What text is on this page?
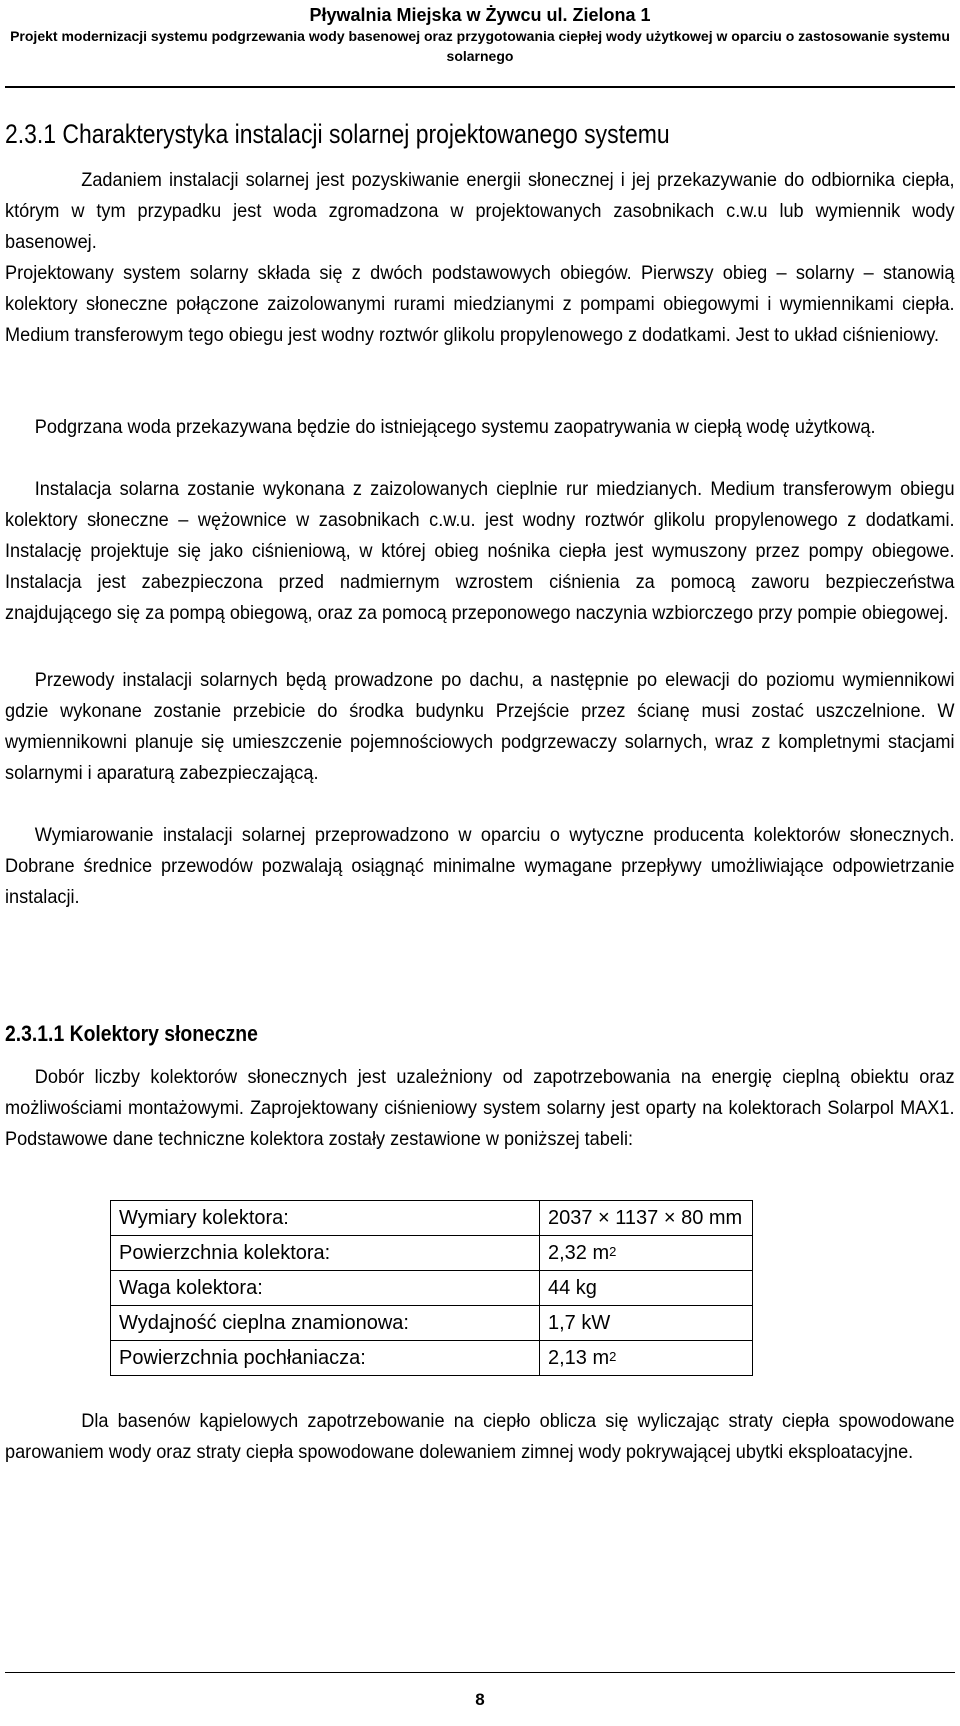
Pływalnia Miejska w Żywcu ul. Zielona 1
Projekt modernizacji systemu podgrzewania wody basenowej oraz przygotowania ciepłej wody użytkowej w oparciu o zastosowanie systemu solarnego
2.3.1 Charakterystyka instalacji solarnej projektowanego systemu
Zadaniem instalacji solarnej jest pozyskiwanie energii słonecznej i jej przekazywanie do odbiornika ciepła, którym w tym przypadku jest woda zgromadzona w projektowanych zasobnikach c.w.u lub wymiennik wody basenowej.
Projektowany system solarny składa się z dwóch podstawowych obiegów. Pierwszy obieg – solarny – stanowią kolektory słoneczne połączone zaizolowanymi rurami miedzianymi z pompami obiegowymi i wymiennikami ciepła. Medium transferowym tego obiegu jest wodny roztwór glikolu propylenowego z dodatkami. Jest to układ ciśnieniowy.
Podgrzana woda przekazywana będzie do istniejącego systemu zaopatrywania w ciepłą wodę użytkową.
Instalacja solarna zostanie wykonana z zaizolowanych cieplnie rur miedzianych. Medium transferowym obiegu kolektory słoneczne – wężownice w zasobnikach c.w.u. jest wodny roztwór glikolu propylenowego z dodatkami. Instalację projektuje się jako ciśnieniową, w której obieg nośnika ciepła jest wymuszony przez pompy obiegowe. Instalacja jest zabezpieczona przed nadmiernym wzrostem ciśnienia za pomocą zaworu bezpieczeństwa znajdującego się za pompą obiegową, oraz za pomocą przeponowego naczynia wzbiorczego przy pompie obiegowej.
Przewody instalacji solarnych będą prowadzone po dachu, a następnie po elewacji do poziomu wymiennikowi gdzie wykonane zostanie przebicie do środka budynku Przejście przez ścianę musi zostać uszczelnione. W wymiennikowni planuje się umieszczenie pojemnościowych podgrzewaczy solarnych, wraz z kompletnymi stacjami solarnymi i aparaturą zabezpieczającą.
Wymiarowanie instalacji solarnej przeprowadzono w oparciu o wytyczne producenta kolektorów słonecznych. Dobrane średnice przewodów pozwalają osiągnąć minimalne wymagane przepływy umożliwiające odpowietrzanie instalacji.
2.3.1.1 Kolektory słoneczne
Dobór liczby kolektorów słonecznych jest uzależniony od zapotrzebowania na energię cieplną obiektu oraz możliwościami montażowymi. Zaprojektowany ciśnieniowy system solarny jest oparty na kolektorach Solarpol MAX1. Podstawowe dane techniczne kolektora zostały zestawione w poniższej tabeli:
Wymiary kolektora:	2037 × 1137 × 80 mm
Powierzchnia kolektora:	2,32 $m^2$
Waga kolektora:	44 kg
Wydajność cieplna znamionowa:	1,7 kW
Powierzchnia pochłaniacza:	2,13 $m^2$
Dla basenów kąpielowych zapotrzebowanie na ciepło oblicza się wyliczając straty ciepła spowodowane parowaniem wody oraz straty ciepła spowodowane dolewaniem zimnej wody pokrywającej ubytki eksploatacyjne.
8
